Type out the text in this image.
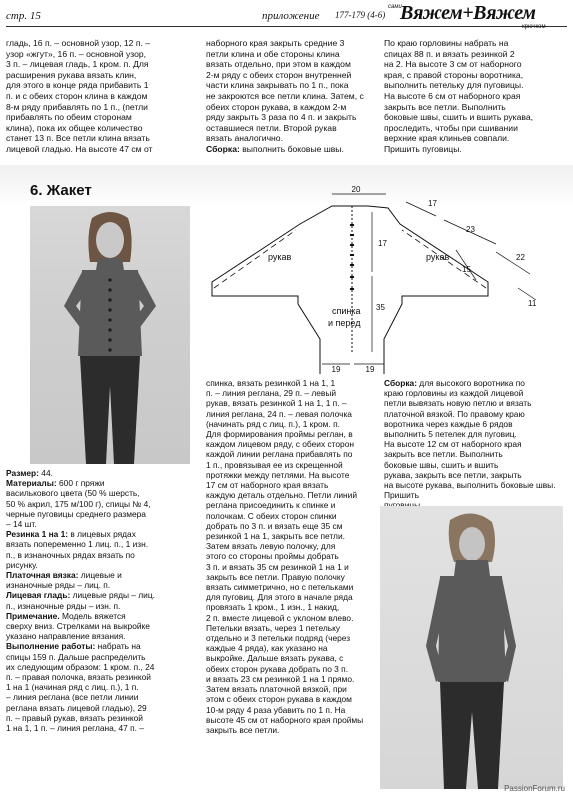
стр. 15	приложение 177-179 (4-6)
сами
Вяжем+Вяжем
крючком

гладь, 16 п. – основной узор, 12 п. –

узор «жгут», 16 п. – основной узор,

3 п. – лицевая гладь, 1 кром. п. Для

расширения рукава вязать клин,

для этого в конце ряда прибавить 1

п. и с обеих сторон клина в каждом

8-м ряду прибавлять по 1 п., (петли

прибавлять по обеим сторонам

клина), пока их общее количество

станет 13 п. Все петли клина вязать

лицевой гладью. На высоте 47 см от

наборного края закрыть средние 3

петли клина и обе стороны клина

вязать отдельно, при этом в каждом

2-м ряду с обеих сторон внутренней

части клина закрывать по 1 п., пока

не закроются все петли клина. Затем, с

обеих сторон рукава, в каждом 2-м

ряду закрыть 3 раза по 4 п. и закрыть

оставшиеся петли. Второй рукав

вязать аналогично.

Сборка: выполнить боковые швы.

По краю горловины набрать на

спицах 88 п. и вязать резинкой 2

на 2. На высоте 3 см от наборного

края, с правой стороны воротника,

выполнить петельку для пуговицы.

На высоте 6 см от наборного края

закрыть все петли. Выполнить

боковые швы, сшить и вшить рукава,

проследить, чтобы при сшивании

верхние края клиньев совпали.

Пришить пуговицы.

6. Жакет	20
17
17
23
22
15
11
35
19	19
рукав	рукав
спинка
и перед

Размер: 44.

Материалы: 600 г пряжи

василькового цвета (50 % шерсть,

50 % акрил, 175 м/100 г), спицы № 4,

черные пуговицы среднего размера

– 14 шт.

Резинка 1 на 1: в лицевых рядах

вязать попеременно 1 лиц. п., 1 изн.

п., в изнаночных рядах вязать по

рисунку.

Платочная вязка: лицевые и

изнаночные ряды – лиц. п.

Лицевая гладь: лицевые ряды – лиц.

п., изнаночные ряды – изн. п.

Примечание. Модель вяжется

сверху вниз. Стрелками на выкройке

указано направление вязания.

Выполнение работы: набрать на

спицы 159 п. Дальше распределить

их следующим образом: 1 кром. п., 24

п. – правая полочка, вязать резинкой

1 на 1 (начиная ряд с лиц. п.), 1 п.

– линия реглана (все петли линии

реглана вязать лицевой гладью), 29

п. – правый рукав, вязать резинкой

1 на 1, 1 п. – линия реглана, 47 п. –

спинка, вязать резинкой 1 на 1, 1

п. – линия реглана, 29 п. – левый

рукав, вязать резинкой 1 на 1, 1 п. –

линия реглана, 24 п. – левая полочка

(начинать ряд с лиц. п.), 1 кром. п.

Для формирования проймы реглан, в

каждом лицевом ряду, с обеих сторон

каждой линии реглана прибавлять по

1 п., провязывая ее из скрещенной

протяжки между петлями. На высоте

17 см от наборного края вязать

каждую деталь отдельно. Петли линий

реглана присоединить к спинке и

полочкам. С обеих сторон спинки

добрать по 3 п. и вязать еще 35 см

резинкой 1 на 1, закрыть все петли.

Затем вязать левую полочку, для

этого со стороны проймы добрать

3 п. и вязать 35 см резинкой 1 на 1 и

закрыть все петли. Правую полочку

вязать симметрично, но с петельками

для пуговиц. Для этого в начале ряда

провязать 1 кром., 1 изн., 1 накид,

2 п. вместе лицевой с уклоном влево.

Петельки вязать, через 1 петельку

отдельно и 3 петельки подряд (через

каждые 4 ряда), как указано на

выкройке. Дальше вязать рукава, с

обеих сторон рукава добрать по 3 п.

и вязать 23 см резинкой 1 на 1 прямо.

Затем вязать платочной вязкой, при

этом с обеих сторон рукава в каждом

10-м ряду 4 раза убавить по 1 п. На

высоте 45 см от наборного края проймы

закрыть все петли.

Сборка: для высокого воротника по

краю горловины из каждой лицевой

петли вывязать новую петлю и вязать

платочной вязкой. По правому краю

воротника через каждые 6 рядов

выполнить 5 петелек для пуговиц.

На высоте 12 см от наборного края

закрыть все петли. Выполнить

боковые швы, сшить и вшить

рукава, закрыть все петли, закрыть

на высоте рукава, выполнить боковые швы. Пришить

PassionForum.ru
